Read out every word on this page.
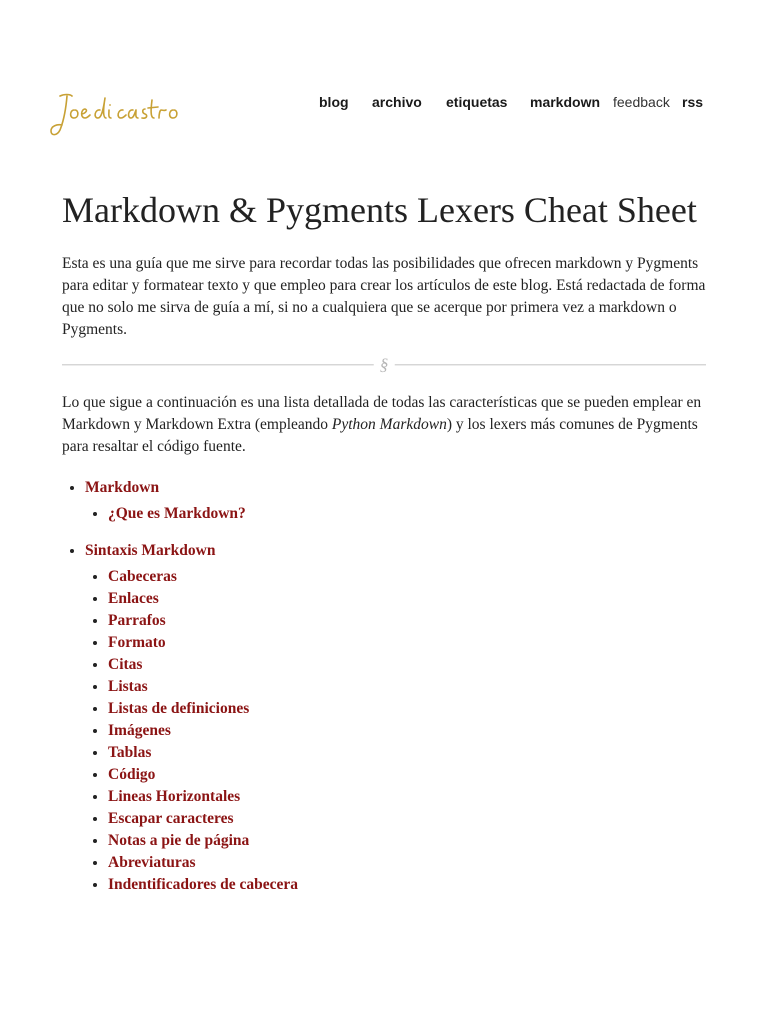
blog archivo etiquetas markdown feedback rss
Markdown & Pygments Lexers Cheat Sheet

Esta es una guía que me sirve para recordar todas las posibilidades que ofrecen markdown y Pygments para editar y formatear texto y que empleo para crear los artículos de este blog. Está redactada de forma que no solo me sirva de guía a mí, si no a cualquiera que se acerque por primera vez a markdown o Pygments.

§

Lo que sigue a continuación es una lista detallada de todas las características que se pueden emplear en Markdown y Markdown Extra (empleando Python Markdown) y los lexers más comunes de Pygments para resaltar el código fuente.

• Markdown
• ¿Que es Markdown?
• Sintaxis Markdown
• Cabeceras
• Enlaces
• Parrafos
• Formato
• Citas
• Listas
• Listas de definiciones
• Imágenes
• Tablas
• Código
• Lineas Horizontales
• Escapar caracteres
• Notas a pie de página
• Abreviaturas
• Indentificadores de cabecera
